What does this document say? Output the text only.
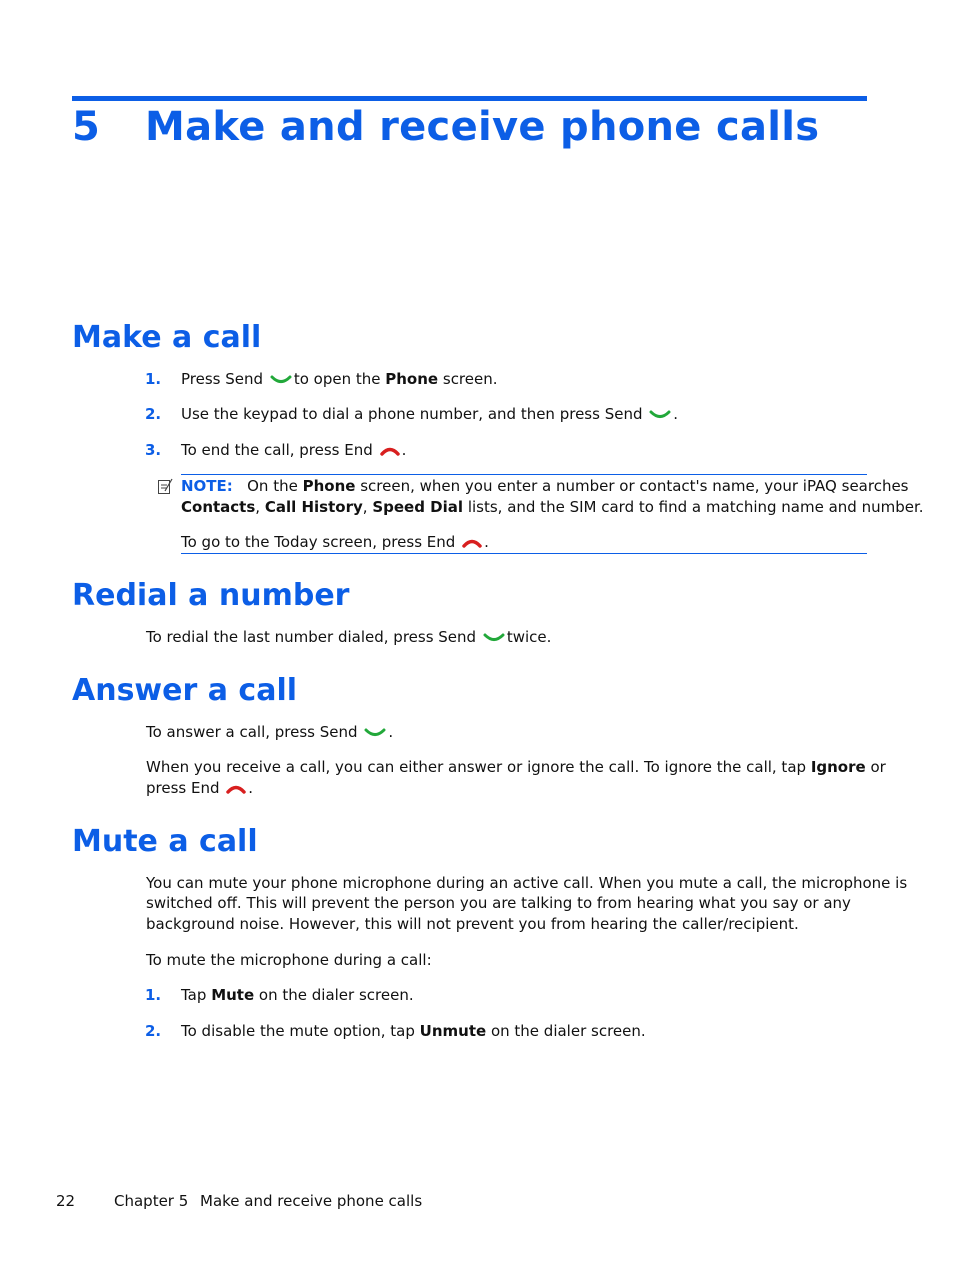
5 Make and receive phone calls
Make a call
1. Press Send to open the Phone screen.
2. Use the keypad to dial a phone number, and then press Send .
3. To end the call, press End .
NOTE: On the Phone screen, when you enter a number or contact's name, your iPAQ searches
Contacts, Call History, Speed Dial lists, and the SIM card to find a matching name and number.
To go to the Today screen, press End .
Redial a number
To redial the last number dialed, press Send twice.
Answer a call
To answer a call, press Send .
When you receive a call, you can either answer or ignore the call. To ignore the call, tap Ignore or
press End .
Mute a call
You can mute your phone microphone during an active call. When you mute a call, the microphone is
switched off. This will prevent the person you are talking to from hearing what you say or any
background noise. However, this will not prevent you from hearing the caller/recipient.
To mute the microphone during a call:
1. Tap Mute on the dialer screen.
2. To disable the mute option, tap Unmute on the dialer screen.
22	Chapter 5 Make and receive phone calls
